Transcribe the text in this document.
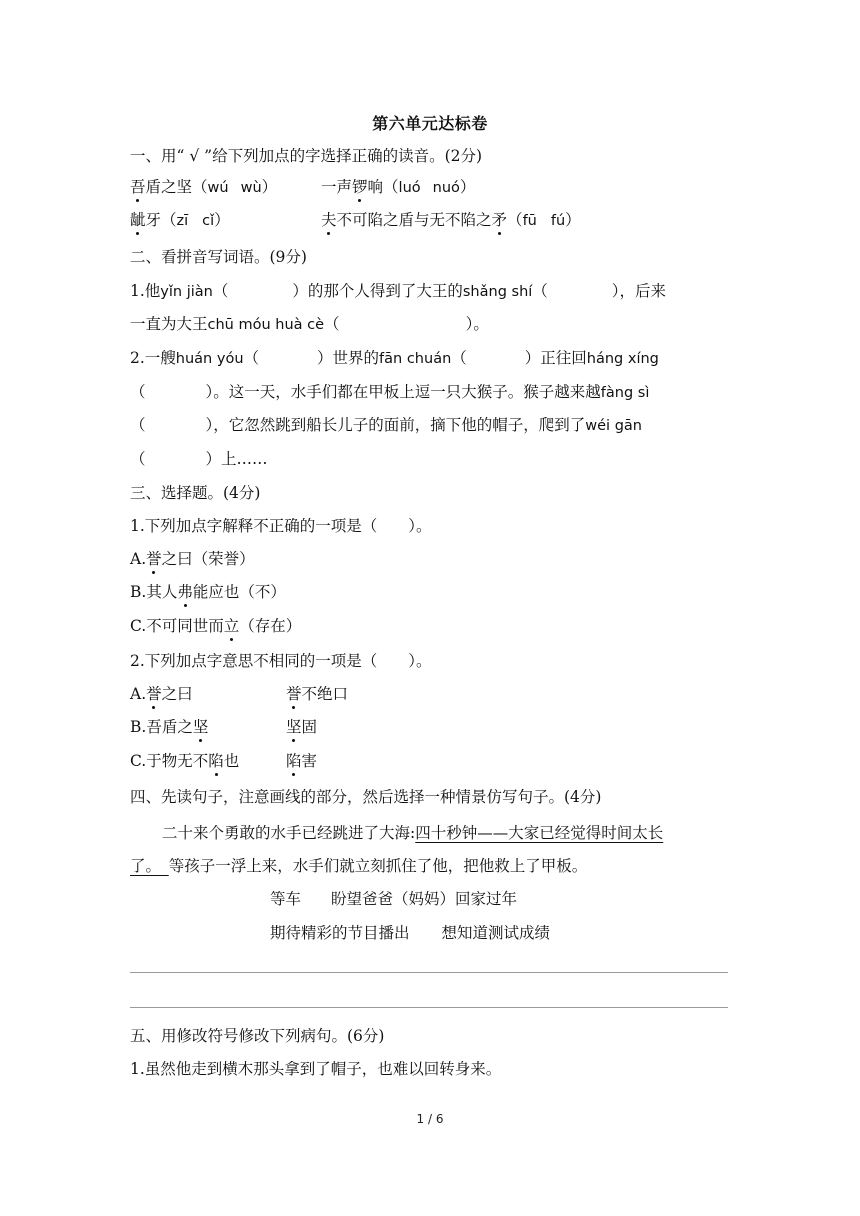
第六单元达标卷
一、用“ √ ”给下列加点的字选择正确的读音。(2分)
吾盾之坚（wú wù）	一声锣响（luó nuó）
龇牙（zī cǐ）	夫不可陷之盾与无不陷之矛（fū fú）
二、看拼音写词语。(9分)
1.他yǐn jiàn（	）的那个人得到了大王的shǎng shí（	），后来
一直为大王chū móu huà cè（	）。
2.一艘huán yóu（	）世界的fān chuán（	）正往回háng xíng
（	）。这一天，水手们都在甲板上逗一只大猴子。猴子越来越fàng sì
（	），它忽然跳到船长儿子的面前，摘下他的帽子，爬到了wéi gān
（	）上……
三、选择题。(4分)
1.下列加点字解释不正确的一项是（　　）。
A.誉之曰（荣誉）
B.其人弗能应也（不）
C.不可同世而立（存在）
2.下列加点字意思不相同的一项是（　　）。
A.誉之曰	誉不绝口
B.吾盾之坚	坚固
C.于物无不陷也	陷害
四、先读句子，注意画线的部分，然后选择一种情景仿写句子。(4分)
二十来个勇敢的水手已经跳进了大海:四十秒钟——大家已经觉得时间太长
了。  等孩子一浮上来，水手们就立刻抓住了他，把他救上了甲板。
等车 盼望爸爸（妈妈）回家过年
期待精彩的节目播出 想知道测试成绩
五、用修改符号修改下列病句。(6分)
1.虽然他走到横木那头拿到了帽子，也难以回转身来。
1 / 6
